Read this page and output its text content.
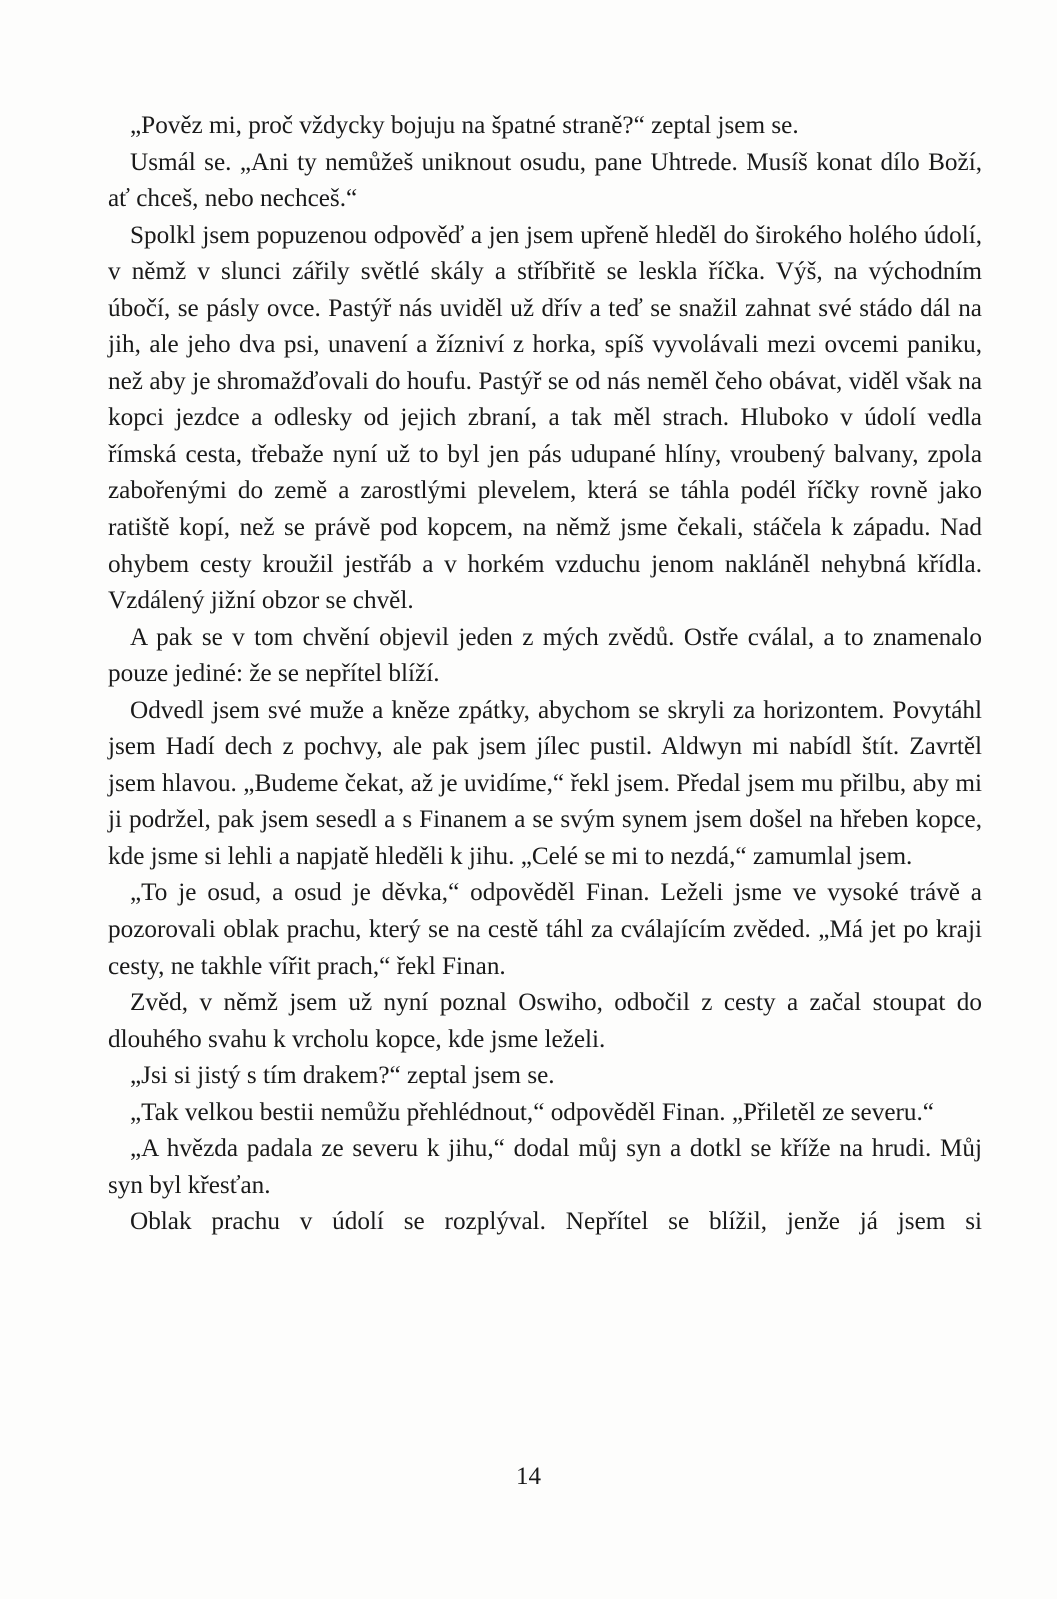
„Pověz mi, proč vždycky bojuju na špatné straně?“ zeptal jsem se.

Usmál se. „Ani ty nemůžeš uniknout osudu, pane Uhtrede. Musíš konat dílo Boží, ať chceš, nebo nechceš.“

Spolkl jsem popuzenou odpověď a jen jsem upřeně hleděl do širokého holého údolí, v němž v slunci zářily světlé skály a stříbřitě se leskla říčka. Výš, na východním úbočí, se pásly ovce. Pastýř nás uviděl už dřív a teď se snažil zahnat své stádo dál na jih, ale jeho dva psi, unavení a žízniví z horka, spíš vyvolávali mezi ovcemi paniku, než aby je shromažďovali do houfu. Pastýř se od nás neměl čeho obávat, viděl však na kopci jezdce a odlesky od jejich zbraní, a tak měl strach. Hluboko v údolí vedla římská cesta, třebaže nyní už to byl jen pás udupané hlíny, vroubený balvany, zpola zabořenými do země a zarostlými plevelem, která se táhla podél říčky rovně jako ratiště kopí, než se právě pod kopcem, na němž jsme čekali, stáčela k západu. Nad ohybem cesty kroužil jestřáb a v horkém vzduchu jenom nakláněl nehybná křídla. Vzdálený jižní obzor se chvěl.

A pak se v tom chvění objevil jeden z mých zvědů. Ostře cválal, a to znamenalo pouze jediné: že se nepřítel blíží.

Odvedl jsem své muže a kněze zpátky, abychom se skryli za horizontem. Povytáhl jsem Hadí dech z pochvy, ale pak jsem jílec pustil. Aldwyn mi nabídl štít. Zavrtěl jsem hlavou. „Budeme čekat, až je uvidíme,“ řekl jsem. Předal jsem mu přilbu, aby mi ji podržel, pak jsem sesedl a s Finanem a se svým synem jsem došel na hřeben kopce, kde jsme si lehli a napjatě hleděli k jihu. „Celé se mi to nezdá,“ zamumlal jsem.

„To je osud, a osud je děvka,“ odpověděl Finan. Leželi jsme ve vysoké trávě a pozorovali oblak prachu, který se na cestě táhl za cválajícím zvěded. „Má jet po kraji cesty, ne takhle vířit prach,“ řekl Finan.

Zvěd, v němž jsem už nyní poznal Oswiho, odbočil z cesty a začal stoupat do dlouhého svahu k vrcholu kopce, kde jsme leželi.

„Jsi si jistý s tím drakem?“ zeptal jsem se.

„Tak velkou bestii nemůžu přehlédnout,“ odpověděl Finan. „Přiletěl ze severu.“

„A hvězda padala ze severu k jihu,“ dodal můj syn a dotkl se kříže na hrudi. Můj syn byl křesťan.

Oblak prachu v údolí se rozplýval. Nepřítel se blížil, jenže já jsem si

14
